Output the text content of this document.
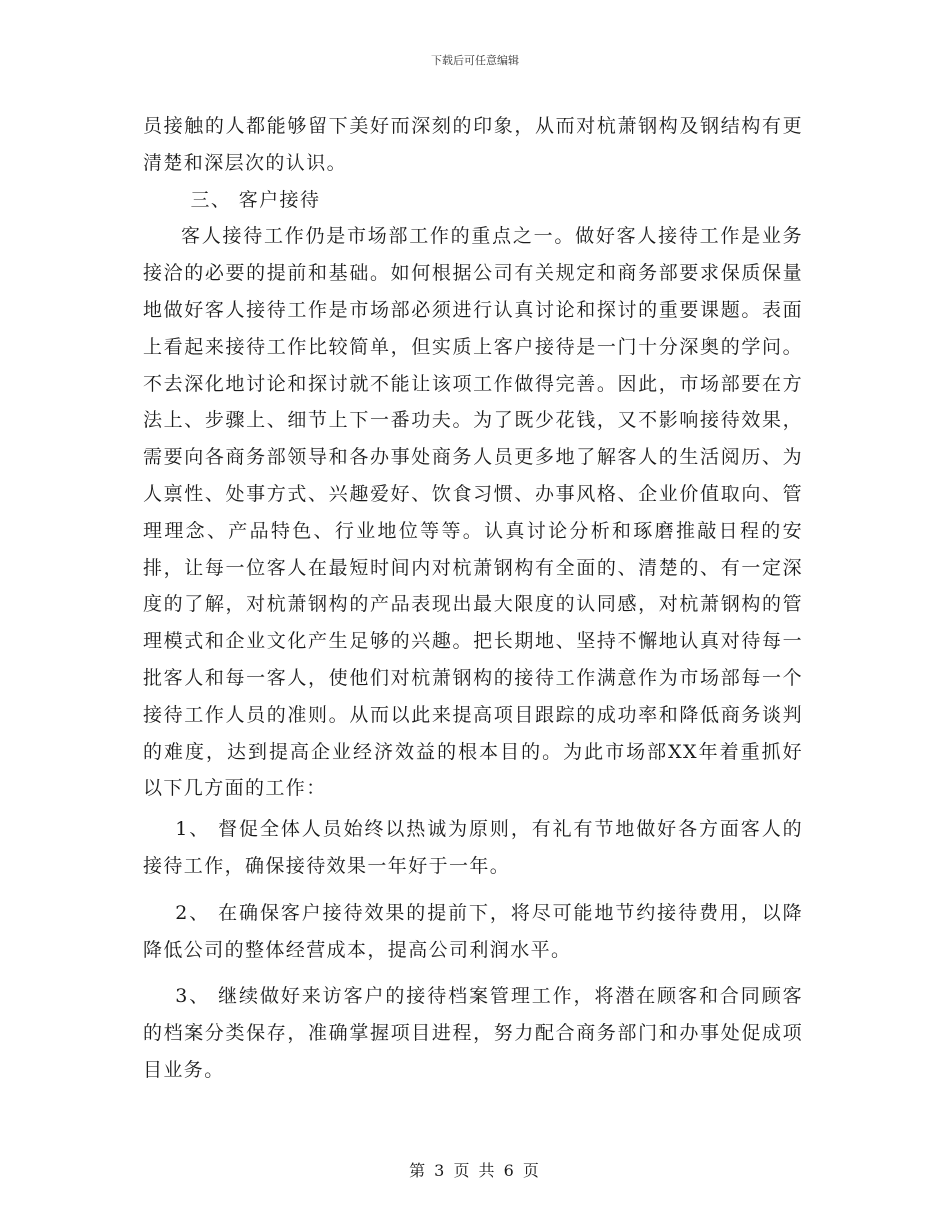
下载后可任意编辑

员接触的人都能够留下美好而深刻的印象，从而对杭萧钢构及钢结构有更清楚和深层次的认识。

三、 客户接待

客人接待工作仍是市场部工作的重点之一。做好客人接待工作是业务接洽的必要的提前和基础。如何根据公司有关规定和商务部要求保质保量地做好客人接待工作是市场部必须进行认真讨论和探讨的重要课题。表面上看起来接待工作比较简单，但实质上客户接待是一门十分深奥的学问。不去深化地讨论和探讨就不能让该项工作做得完善。因此，市场部要在方法上、步骤上、细节上下一番功夫。为了既少花钱，又不影响接待效果，需要向各商务部领导和各办事处商务人员更多地了解客人的生活阅历、为人禀性、处事方式、兴趣爱好、饮食习惯、办事风格、企业价值取向、管理理念、产品特色、行业地位等等。认真讨论分析和琢磨推敲日程的安排，让每一位客人在最短时间内对杭萧钢构有全面的、清楚的、有一定深度的了解，对杭萧钢构的产品表现出最大限度的认同感，对杭萧钢构的管理模式和企业文化产生足够的兴趣。把长期地、坚持不懈地认真对待每一批客人和每一客人，使他们对杭萧钢构的接待工作满意作为市场部每一个接待工作人员的准则。从而以此来提高项目跟踪的成功率和降低商务谈判的难度，达到提高企业经济效益的根本目的。为此市场部XX年着重抓好以下几方面的工作：

1、 督促全体人员始终以热诚为原则，有礼有节地做好各方面客人的接待工作，确保接待效果一年好于一年。

2、 在确保客户接待效果的提前下，将尽可能地节约接待费用，以降降低公司的整体经营成本，提高公司利润水平。

3、 继续做好来访客户的接待档案管理工作，将潜在顾客和合同顾客的档案分类保存，准确掌握项目进程，努力配合商务部门和办事处促成项目业务。

第 3 页 共 6 页
